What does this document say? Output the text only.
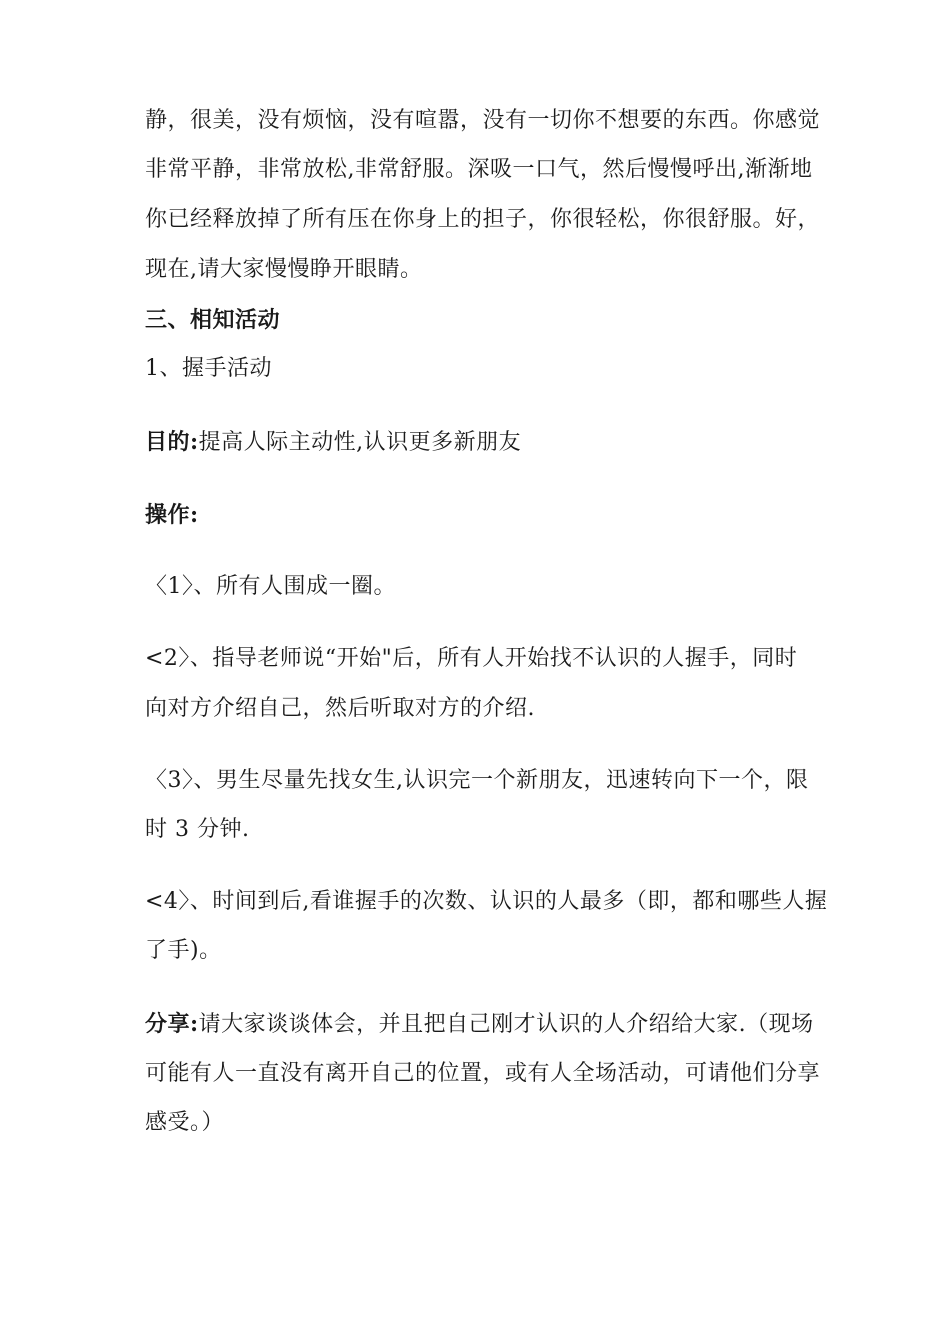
静，很美，没有烦恼，没有喧嚣，没有一切你不想要的东西。你感觉
非常平静，非常放松,非常舒服。深吸一口气，然后慢慢呼出,渐渐地
你已经释放掉了所有压在你身上的担子，你很轻松，你很舒服。好，
现在,请大家慢慢睁开眼睛。
三、相知活动
1、握手活动
目的:提高人际主动性,认识更多新朋友
操作:
〈1〉、所有人围成一圈。
<2〉、指导老师说“开始"后，所有人开始找不认识的人握手，同时
向对方介绍自己，然后听取对方的介绍.
〈3〉、男生尽量先找女生,认识完一个新朋友，迅速转向下一个，限
时 3 分钟.
<4〉、时间到后,看谁握手的次数、认识的人最多（即，都和哪些人握
了手)。
分享:请大家谈谈体会，并且把自己刚才认识的人介绍给大家.（现场
可能有人一直没有离开自己的位置，或有人全场活动，可请他们分享
感受。）
